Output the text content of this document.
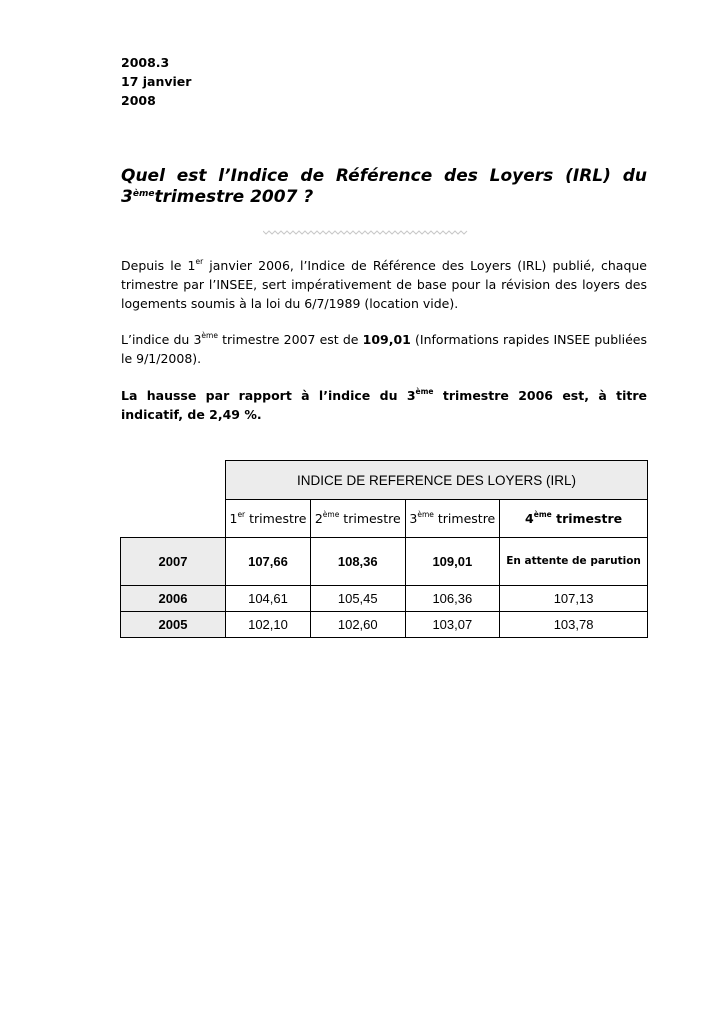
2008.3
17 janvier
2008
Quel est l’Indice de Référence des Loyers (IRL) du
3èmetrimestre 2007 ?
Depuis le 1er janvier 2006, l’Indice de Référence des Loyers (IRL) publié, chaque trimestre par l’INSEE, sert impérativement de base pour la révision des loyers des logements soumis à la loi du 6/7/1989 (location vide).
L’indice du 3ème trimestre 2007 est de 109,01 (Informations rapides INSEE publiées le 9/1/2008).
La hausse par rapport à l’indice du 3ème trimestre 2006 est, à titre indicatif, de 2,49 %.
	INDICE DE REFERENCE DES LOYERS (IRL)			
	1er trimestre	2ème trimestre	3ème trimestre	4ème trimestre
2007	107,66	108,36	109,01	En attente de parution
2006	104,61	105,45	106,36	107,13
2005	102,10	102,60	103,07	103,78
